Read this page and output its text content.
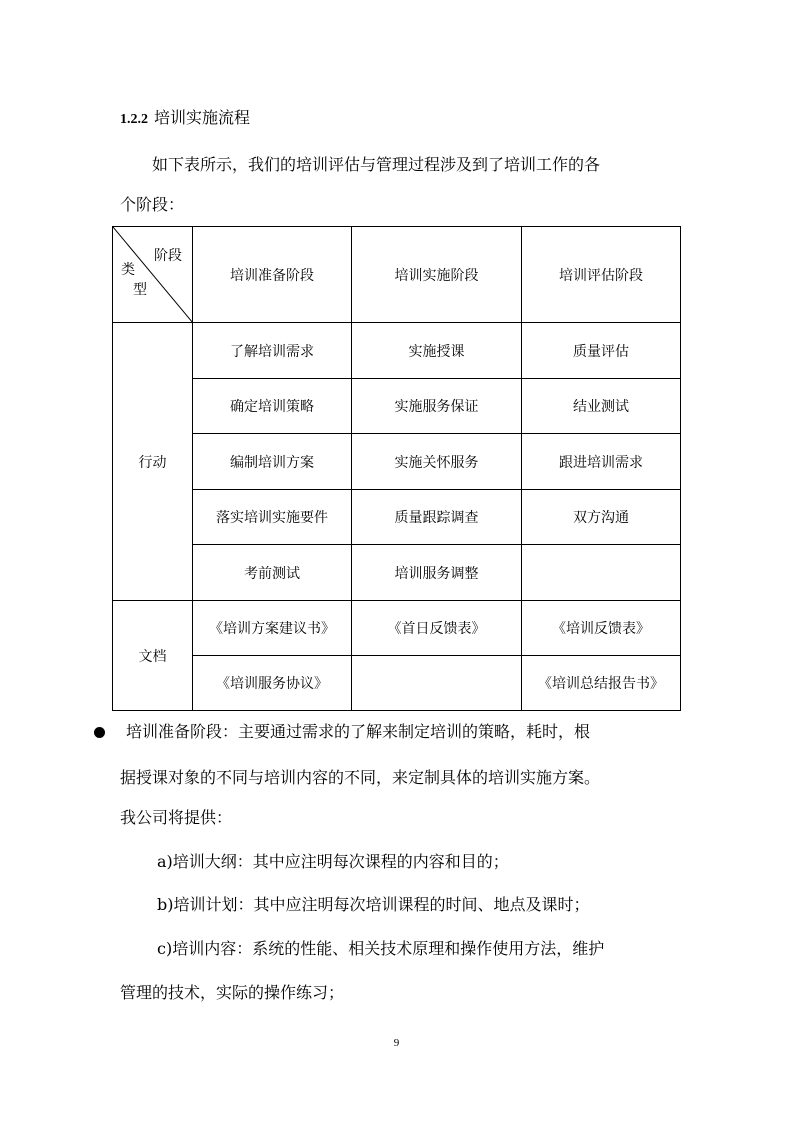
1.2.2 培训实施流程
如下表所示，我们的培训评估与管理过程涉及到了培训工作的各
个阶段：
阶段
类
型	培训准备阶段	培训实施阶段	培训评估阶段
行动	了解培训需求	实施授课	质量评估
	确定培训策略	实施服务保证	结业测试
	编制培训方案	实施关怀服务	跟进培训需求
	落实培训实施要件	质量跟踪调查	双方沟通
	考前测试	培训服务调整	
文档	《培训方案建议书》	《首日反馈表》	《培训反馈表》
	《培训服务协议》		《培训总结报告书》
培训准备阶段：主要通过需求的了解来制定培训的策略，耗时，根
据授课对象的不同与培训内容的不同，来定制具体的培训实施方案。
我公司将提供：
a)培训大纲：其中应注明每次课程的内容和目的；
b)培训计划：其中应注明每次培训课程的时间、地点及课时；
c)培训内容：系统的性能、相关技术原理和操作使用方法，维护
管理的技术，实际的操作练习；
9
